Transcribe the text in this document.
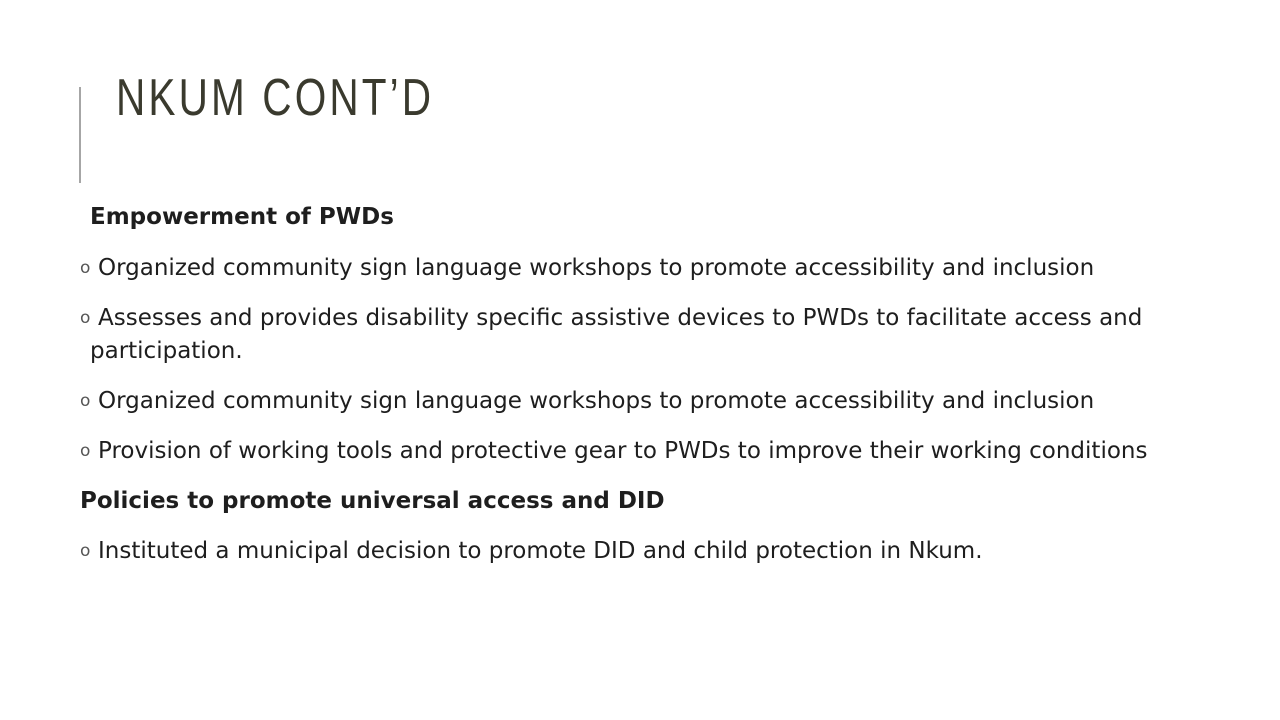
NKUM CONT’D
Empowerment of PWDs
o Organized community sign language workshops to promote accessibility and inclusion
o Assesses and provides disability specific assistive devices to PWDs to facilitate access and
participation.
o Organized community sign language workshops to promote accessibility and inclusion
o Provision of working tools and protective gear to PWDs to improve their working conditions
Policies to promote universal access and DID
o Instituted a municipal decision to promote DID and child protection in Nkum.
